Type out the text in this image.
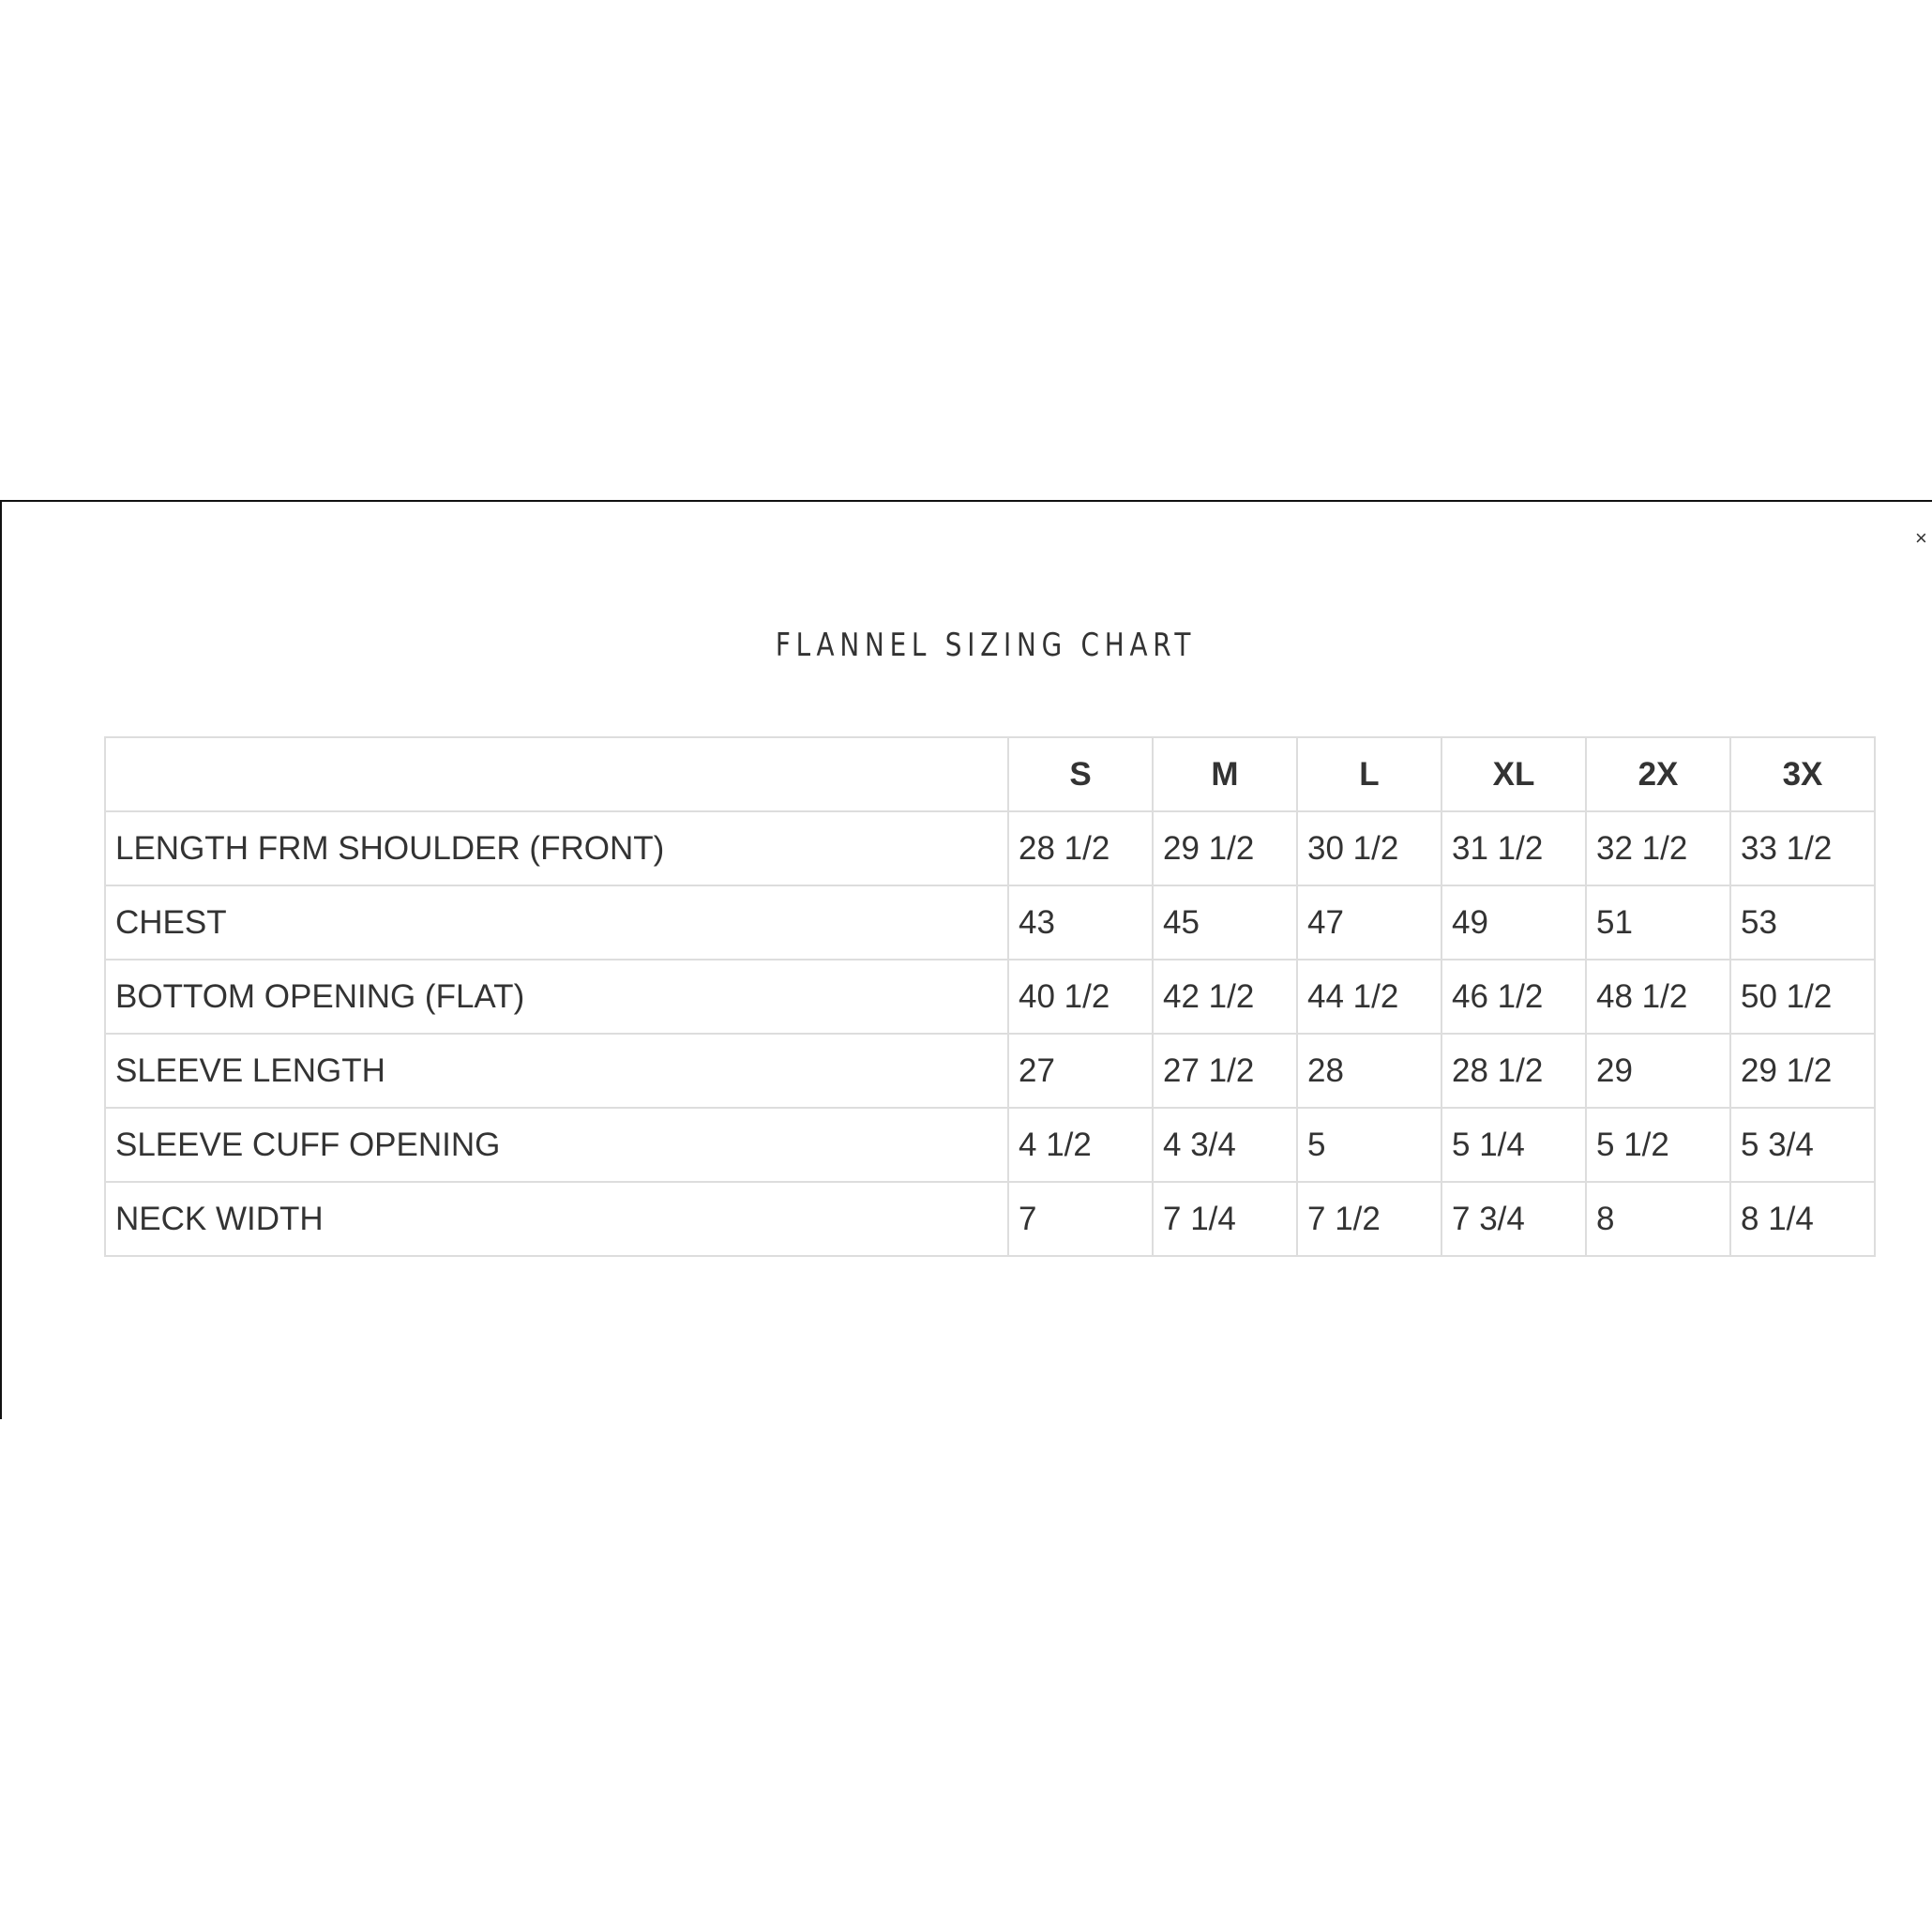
×
FLANNEL SIZING CHART
	S	M	L	XL	2X	3X
LENGTH FRM SHOULDER (FRONT)	28 1/2	29 1/2	30 1/2	31 1/2	32 1/2	33 1/2
CHEST	43	45	47	49	51	53
BOTTOM OPENING (FLAT)	40 1/2	42 1/2	44 1/2	46 1/2	48 1/2	50 1/2
SLEEVE LENGTH	27	27 1/2	28	28 1/2	29	29 1/2
SLEEVE CUFF OPENING	4 1/2	4 3/4	5	5 1/4	5 1/2	5 3/4
NECK WIDTH	7	7 1/4	7 1/2	7 3/4	8	8 1/4
